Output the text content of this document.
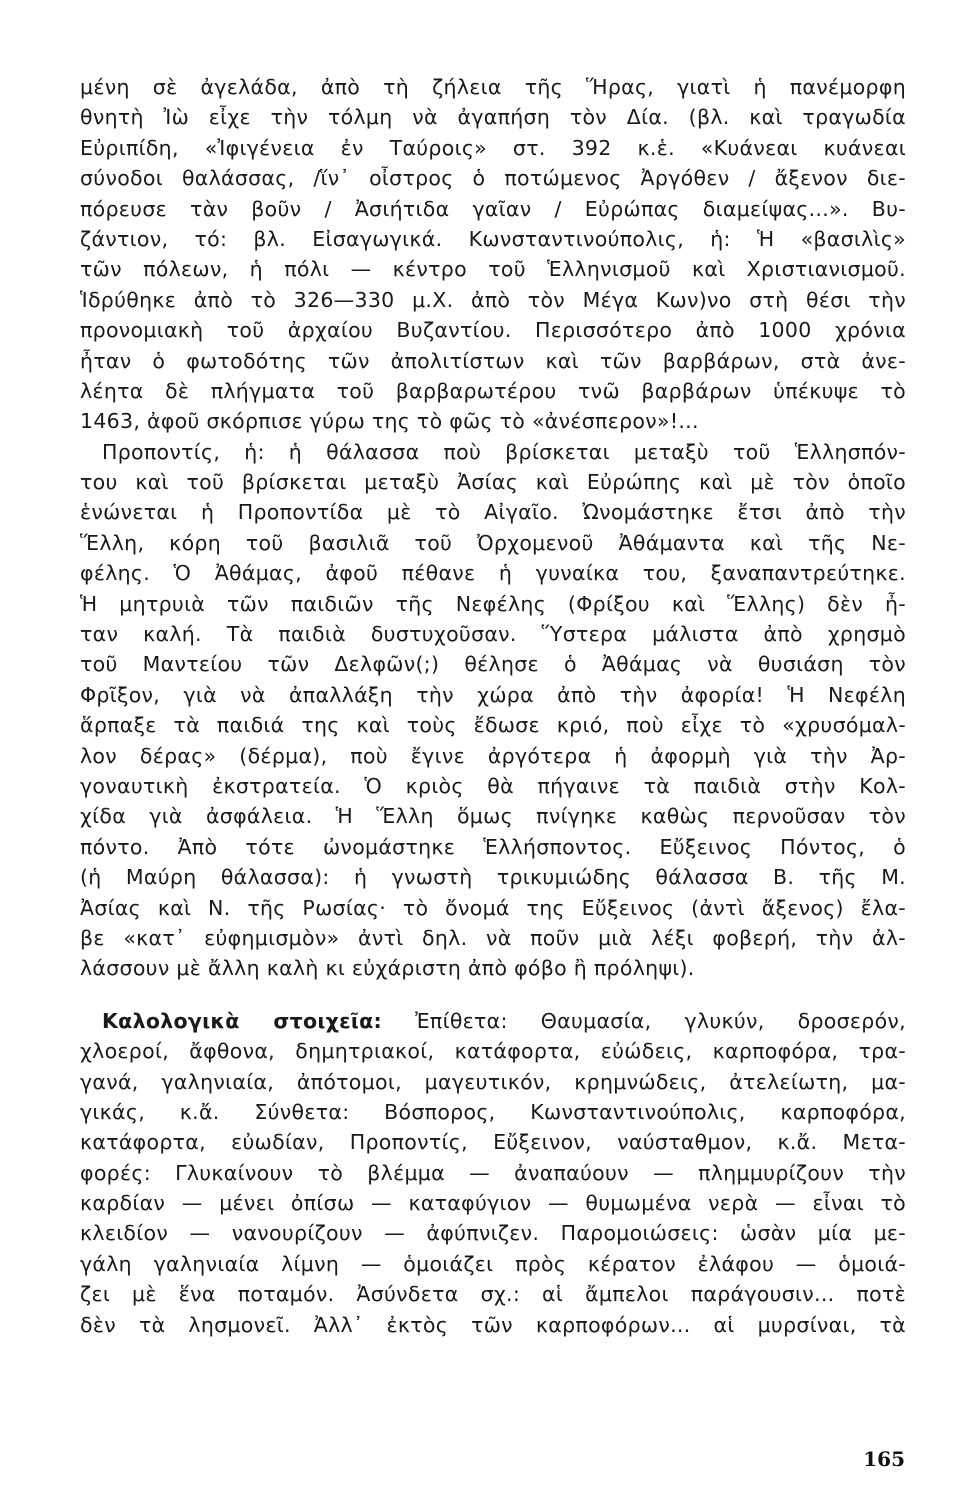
μένη σὲ ἀγελάδα, ἀπὸ τὴ ζήλεια τῆς Ἥρας, γιατὶ ἡ πανέμορφη
θνητὴ Ἰὼ εἶχε τὴν τόλμη νὰ ἀγαπήση τὸν Δία. (βλ. καὶ τραγωδία
Εὐριπίδη, «Ἰφιγένεια ἐν Ταύροις» στ. 392 κ.ἑ. «Κυάνεαι κυάνεαι
σύνοδοι θαλάσσας, /ἵν᾽ οἶστρος ὁ ποτώμενος Ἀργόθεν / ἄξενον διε-
πόρευσε τὰν βοῦν / Ἀσιήτιδα γαῖαν / Εὐρώπας διαμείψας...». Βυ-
ζάντιον, τό: βλ. Εἰσαγωγικά. Κωνσταντινούπολις, ἡ: Ἡ «βασιλὶς»
τῶν πόλεων, ἡ πόλι — κέντρο τοῦ Ἑλληνισμοῦ καὶ Χριστιανισμοῦ.
Ἱδρύθηκε ἀπὸ τὸ 326—330 μ.Χ. ἀπὸ τὸν Μέγα Κων)νο στὴ θέσι τὴν
προνομιακὴ τοῦ ἀρχαίου Βυζαντίου. Περισσότερο ἀπὸ 1000 χρόνια
ἦταν ὁ φωτοδότης τῶν ἀπολιτίστων καὶ τῶν βαρβάρων, στὰ ἀνε-
λέητα δὲ πλήγματα τοῦ βαρβαρωτέρου τνῶ βαρβάρων ὑπέκυψε τὸ
1463, ἀφοῦ σκόρπισε γύρω της τὸ φῶς τὸ «ἀνέσπερον»!...
Προποντίς, ἡ: ἡ θάλασσα ποὺ βρίσκεται μεταξὺ τοῦ Ἑλλησπόν-
του καὶ τοῦ βρίσκεται μεταξὺ Ἀσίας καὶ Εὐρώπης καὶ μὲ τὸν ὁποῖο
ἑνώνεται ἡ Προποντίδα μὲ τὸ Αἰγαῖο. Ὠνομάστηκε ἔτσι ἀπὸ τὴν
Ἕλλη, κόρη τοῦ βασιλιᾶ τοῦ Ὀρχομενοῦ Ἀθάμαντα καὶ τῆς Νε-
φέλης. Ὁ Ἀθάμας, ἀφοῦ πέθανε ἡ γυναίκα του, ξαναπαντρεύτηκε.
Ἡ μητρυιὰ τῶν παιδιῶν τῆς Νεφέλης (Φρίξου καὶ Ἕλλης) δὲν ἦ-
ταν καλή. Τὰ παιδιὰ δυστυχοῦσαν. Ὕστερα μάλιστα ἀπὸ χρησμὸ
τοῦ Μαντείου τῶν Δελφῶν(;) θέλησε ὁ Ἀθάμας νὰ θυσιάση τὸν
Φρῖξον, γιὰ νὰ ἀπαλλάξη τὴν χώρα ἀπὸ τὴν ἀφορία! Ἡ Νεφέλη
ἅρπαξε τὰ παιδιά της καὶ τοὺς ἔδωσε κριό, ποὺ εἶχε τὸ «χρυσόμαλ-
λον δέρας» (δέρμα), ποὺ ἔγινε ἀργότερα ἡ ἀφορμὴ γιὰ τὴν Ἀρ-
γοναυτικὴ ἐκστρατεία. Ὁ κριὸς θὰ πήγαινε τὰ παιδιὰ στὴν Κολ-
χίδα γιὰ ἀσφάλεια. Ἡ Ἕλλη ὅμως πνίγηκε καθὼς περνοῦσαν τὸν
πόντο. Ἀπὸ τότε ὠνομάστηκε Ἑλλήσποντος. Εὔξεινος Πόντος, ὁ
(ἡ Μαύρη θάλασσα): ἡ γνωστὴ τρικυμιώδης θάλασσα Β. τῆς Μ.
Ἀσίας καὶ Ν. τῆς Ρωσίας· τὸ ὄνομά της Εὔξεινος (ἀντὶ ἄξενος) ἔλα-
βε «κατ᾽ εὐφημισμὸν» ἀντὶ δηλ. νὰ ποῦν μιὰ λέξι φοβερή, τὴν ἀλ-
λάσσουν μὲ ἄλλη καλὴ κι εὐχάριστη ἀπὸ φόβο ἢ πρόληψι).
Καλολογικὰ στοιχεῖα: Ἐπίθετα: Θαυμασία, γλυκύν, δροσερόν,
χλοεροί, ἄφθονα, δημητριακοί, κατάφορτα, εὐώδεις, καρποφόρα, τρα-
γανά, γαληνιαία, ἀπότομοι, μαγευτικόν, κρημνώδεις, ἀτελείωτη, μα-
γικάς, κ.ἄ. Σύνθετα: Βόσπορος, Κωνσταντινούπολις, καρποφόρα,
κατάφορτα, εὐωδίαν, Προποντίς, Εὔξεινον, ναύσταθμον, κ.ἄ. Μετα-
φορές: Γλυκαίνουν τὸ βλέμμα — ἀναπαύουν — πλημμυρίζουν τὴν
καρδίαν — μένει ὀπίσω — καταφύγιον — θυμωμένα νερὰ — εἶναι τὸ
κλειδίον — νανουρίζουν — ἀφύπνιζεν. Παρομοιώσεις: ὡσὰν μία με-
γάλη γαληνιαία λίμνη — ὁμοιάζει πρὸς κέρατον ἐλάφου — ὁμοιά-
ζει μὲ ἕνα ποταμόν. Ἀσύνδετα σχ.: αἱ ἄμπελοι παράγουσιν... ποτὲ
δὲν τὰ λησμονεῖ. Ἀλλ᾽ ἐκτὸς τῶν καρποφόρων... αἱ μυρσίναι, τὰ
165
